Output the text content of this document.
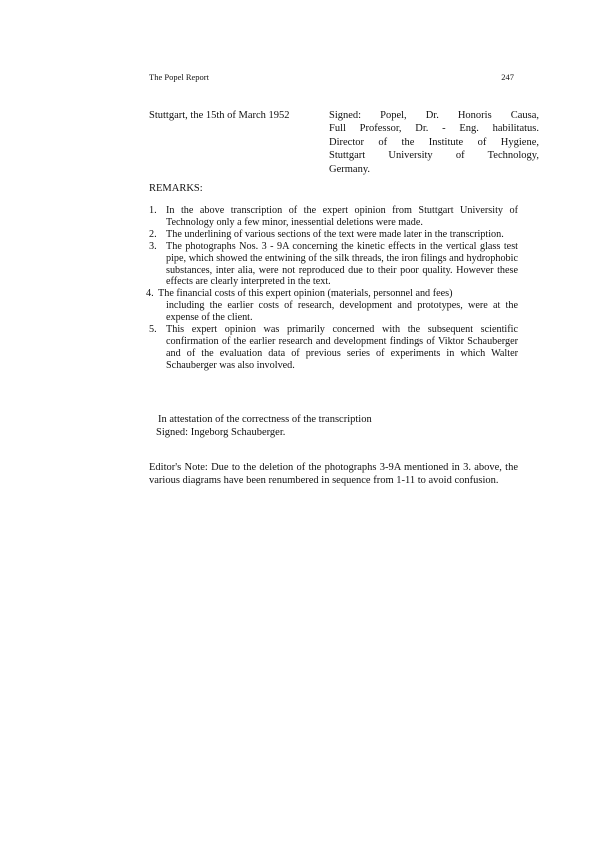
The Popel Report	247
Stuttgart, the 15th of March 1952	Signed: Popel, Dr. Honoris Causa,
Full Professor, Dr. - Eng. habilitatus.
Director of the Institute of Hygiene,
Stuttgart University of Technology,
Germany.
REMARKS:
1. In the above transcription of the expert opinion from Stuttgart University of Technology only a few minor, inessential deletions were made.
2. The underlining of various sections of the text were made later in the transcription.
3. The photographs Nos. 3 - 9A concerning the kinetic effects in the vertical glass test pipe, which showed the entwining of the silk threads, the iron filings and hydrophobic substances, inter alia, were not reproduced due to their poor quality. However these effects are clearly interpreted in the text.
4. The financial costs of this expert opinion (materials, personnel and fees)
including the earlier costs of research, development and prototypes, were at the expense of the client.
5. This expert opinion was primarily concerned with the subsequent scientific confirmation of the earlier research and development findings of Viktor Schauberger and of the evaluation data of previous series of experiments in which Walter Schauberger was also involved.
In attestation of the correctness of the transcription
Signed: Ingeborg Schauberger.
Editor's Note: Due to the deletion of the photographs 3-9A mentioned in 3. above, the various diagrams have been renumbered in sequence from 1-11 to avoid confusion.
